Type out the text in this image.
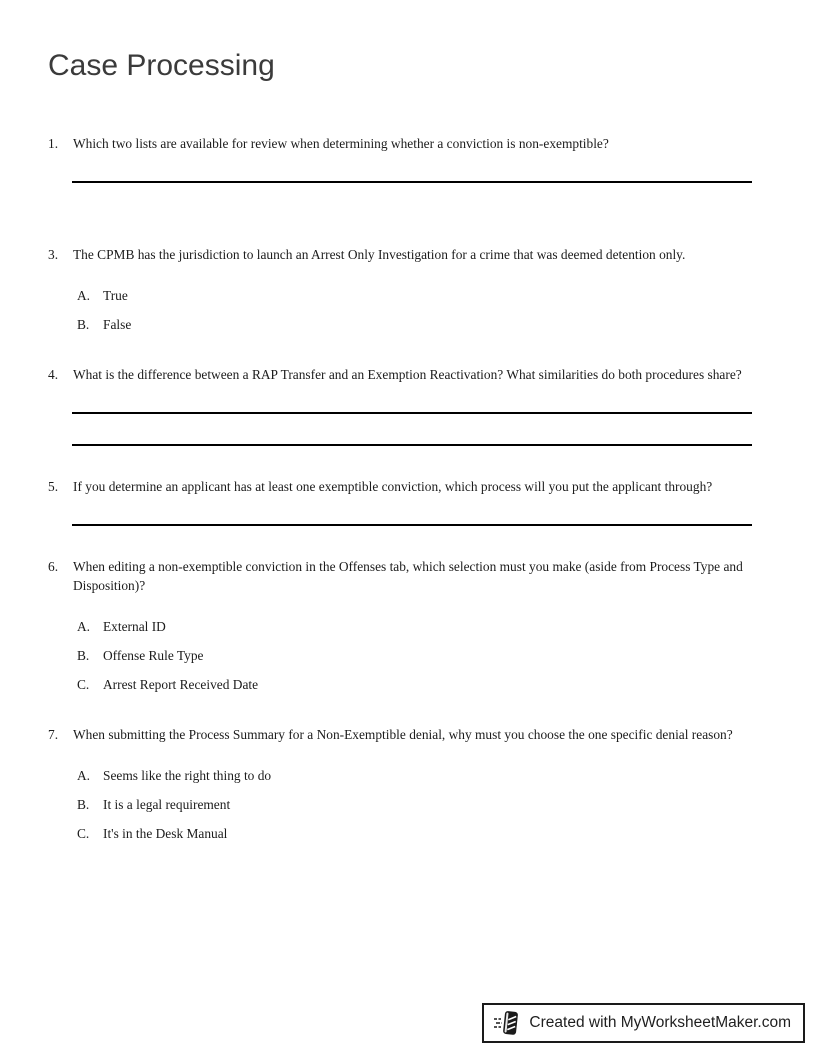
Case Processing
1.	Which two lists are available for review when determining whether a conviction is non-exemptible?
3.	The CPMB has the jurisdiction to launch an Arrest Only Investigation for a crime that was deemed detention only.
A. True
B.	False
4.	What is the difference between a RAP Transfer and an Exemption Reactivation? What similarities do both procedures share?
5.	If you determine an applicant has at least one exemptible conviction, which process will you put the applicant through?
6.	When editing a non-exemptible conviction in the Offenses tab, which selection must you make (aside from Process Type and Disposition)?
A. External ID
B.	Offense Rule Type
C.	Arrest Report Received Date
7.	When submitting the Process Summary for a Non-Exemptible denial, why must you choose the one specific denial reason?
A. Seems like the right thing to do
B.	It is a legal requirement
C.	It's in the Desk Manual
Created with MyWorksheetMaker.com
